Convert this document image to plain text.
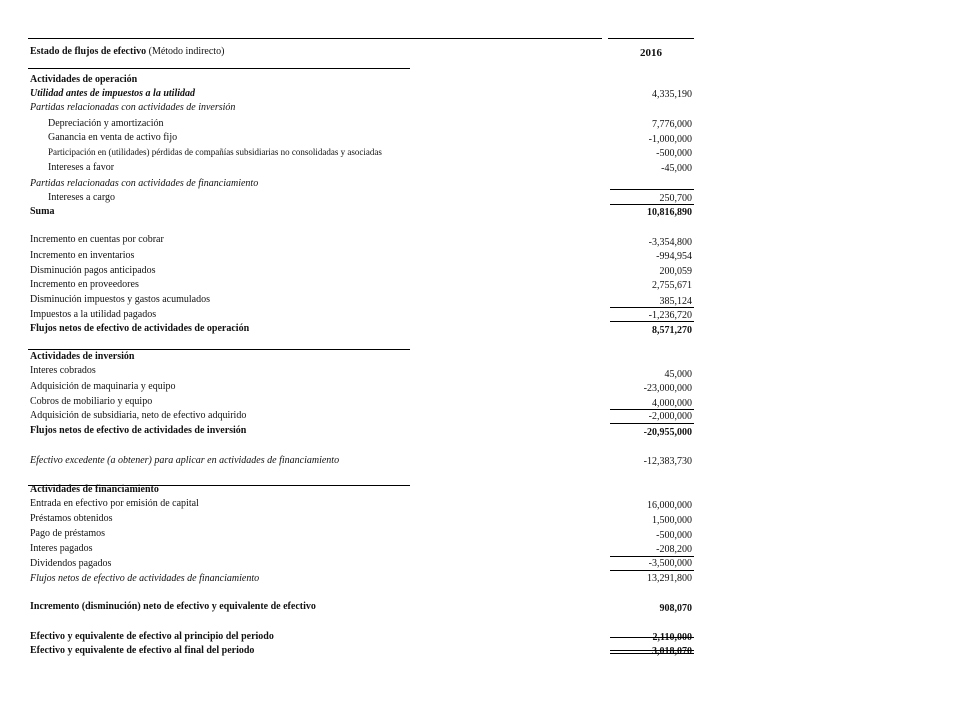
Estado de flujos de efectivo (Método indirecto)	2016
Actividades de operación
Utilidad antes de impuestos a la utilidad	4,335,190
Partidas relacionadas con actividades de inversión
Depreciación y amortización	7,776,000
Ganancia en venta de activo fijo	-1,000,000
Participación en (utilidades) pérdidas de compañías subsidiarias no consolidadas y asociadas	-500,000
Intereses a favor	-45,000
Partidas relacionadas con actividades de financiamiento
Intereses a cargo	250,700
Suma	10,816,890
Incremento en cuentas por cobrar	-3,354,800
Incremento en inventarios	-994,954
Disminución pagos anticipados	200,059
Incremento en proveedores	2,755,671
Disminución impuestos y gastos acumulados	385,124
Impuestos a la utilidad pagados	-1,236,720
Flujos netos de efectivo de actividades de operación	8,571,270
Actividades de inversión
Interes cobrados	45,000
Adquisición de maquinaria y equipo	-23,000,000
Cobros de mobiliario y equipo	4,000,000
Adquisición de subsidiaria, neto de efectivo adquirido	-2,000,000
Flujos netos de efectivo de actividades de inversión	-20,955,000
Efectivo excedente (a obtener) para aplicar en actividades de financiamiento	-12,383,730
Actividades de financiamiento
Entrada en efectivo por emisión de capital	16,000,000
Préstamos obtenidos	1,500,000
Pago de préstamos	-500,000
Interes pagados	-208,200
Dividendos pagados	-3,500,000
Flujos netos de efectivo de actividades de financiamiento	13,291,800
Incremento (disminución) neto de efectivo y equivalente de efectivo	908,070
Efectivo y equivalente de efectivo al principio del periodo	2,110,000
Efectivo y equivalente de efectivo al final del periodo	3,018,070
